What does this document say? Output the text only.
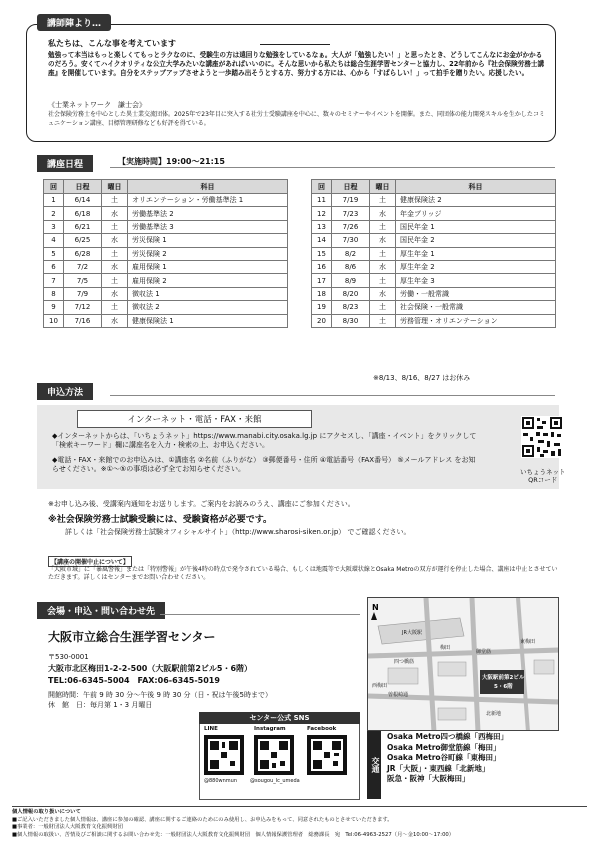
講師陣より…
私たちは、こんな事を考えています
勉強って本当はもっと楽しくてもっとラクなのに、受験生の方は遠回りな勉強をしているなぁ。大人が「勉強したい！」と思ったとき、どうしてこんなにお金がかかるのだろう。安くてハイクオリティな公立大学みたいな講座があればいいのに。そんな思いから私たちは総合生涯学習センターと協力し、22年前から『社会保険労務士講座』を開催しています。自分をステップアップさせようと一歩踏み出そうとする方、努力する方には、心から「すばらしい！」って拍手を贈りたい。応援したい。
《士業ネットワーク　謙士会》
社会保険労務士を中心とした異士業交流団体。2025年で23年目に突入する社労士受験講座を中心に、数々のセミナーやイベントを開催。また、同団体の能力開発スキルを生かしたコミュニケーション講座、目標管理研修なども好評を得ている。
講座日程	【実施時間】19:00～21:15
回	日程	曜日	科目
1	6/14	土	オリエンテーション・労働基準法 1
2	6/18	水	労働基準法 2
3	6/21	土	労働基準法 3
4	6/25	水	労災保険 1
5	6/28	土	労災保険 2
6	7/2	水	雇用保険 1
7	7/5	土	雇用保険 2
8	7/9	水	徴収法 1
9	7/12	土	徴収法 2
10	7/16	水	健康保険法 1
回	日程	曜日	科目
11	7/19	土	健康保険法 2
12	7/23	水	年金ブリッジ
13	7/26	土	国民年金 1
14	7/30	水	国民年金 2
15	8/2	土	厚生年金 1
16	8/6	水	厚生年金 2
17	8/9	土	厚生年金 3
18	8/20	水	労働・一般常識
19	8/23	土	社会保険・一般常識
20	8/30	土	労務管理・オリエンテーション
※8/13、8/16、8/27 はお休み
申込方法
インターネット・電話・FAX・来館
◆インターネットからは、「いちょうネット」https://www.manabi.city.osaka.lg.jp にアクセスし、「講座・イベント」をクリックして「検索キーワード」欄に講座名を入力・検索の上、お申込ください。
◆電話・FAX・来館でのお申込みは、①講座名 ②名前（ふりがな） ③郵便番号・住所 ④電話番号（FAX番号） ⑤メールアドレス をお知らせください。※①～⑤の事項は必ず全てお知らせください。	いちょうネット
QRコード
※お申し込み後、受講案内通知をお送りします。ご案内をお読みのうえ、講座にご参加ください。
※社会保険労務士試験受験には、受験資格が必要です。
詳しくは「社会保険労務士試験オフィシャルサイト」（http://www.sharosi-siken.or.jp） でご確認ください。
【講座の開催中止について】
「大阪市域」に「暴風警報」または「特別警報」が午後4時の時点で発令されている場合、もしくは地震等で大阪環状線とOsaka Metroの双方が運行を停止した場合、講座は中止とさせていただきます。詳しくはセンターまでお問い合わせください。
会場・申込・問い合わせ先
大阪市立総合生涯学習センター
〒530-0001
大阪市北区梅田1-2-2-500（大阪駅前第2ビル5・6階）
TEL:06-6345-5004　FAX:06-6345-5019
開館時間：午前 9 時 30 分～午後 9 時 30 分（日・祝は午後5時まで）
休　館　日：毎月第 1・3 月曜日
センター公式 SNS
LINE	Instagram	Facebook
@880wnmun	@sougou_lc_umeda
N
大阪駅前第2ビル
5・6階
JR大阪駅
梅田
東梅田
西梅田
北新地
曽根崎通
御堂筋
四つ橋筋
交通
Osaka Metro四つ橋線「西梅田」
Osaka Metro御堂筋線「梅田」
Osaka Metro谷町線「東梅田」
JR「大阪」・東西線「北新地」
阪急・阪神「大阪梅田」
個人情報の取り扱いについて
■ご記入いただきました個人情報は、講座に参加の確認、講座に関するご連絡のためにのみ使用し、お申込みをもって、同意されたものとさせていただきます。
■事業者：一般財団法人大阪教育文化振興財団
■個人情報の取扱い、苦情及びご相談に関するお問い合わせ先：一般財団法人大阪教育文化振興財団　個人情報保護管理者　総務課長　宛　Tel:06-4963-2527（月～金10:00～17:00）
